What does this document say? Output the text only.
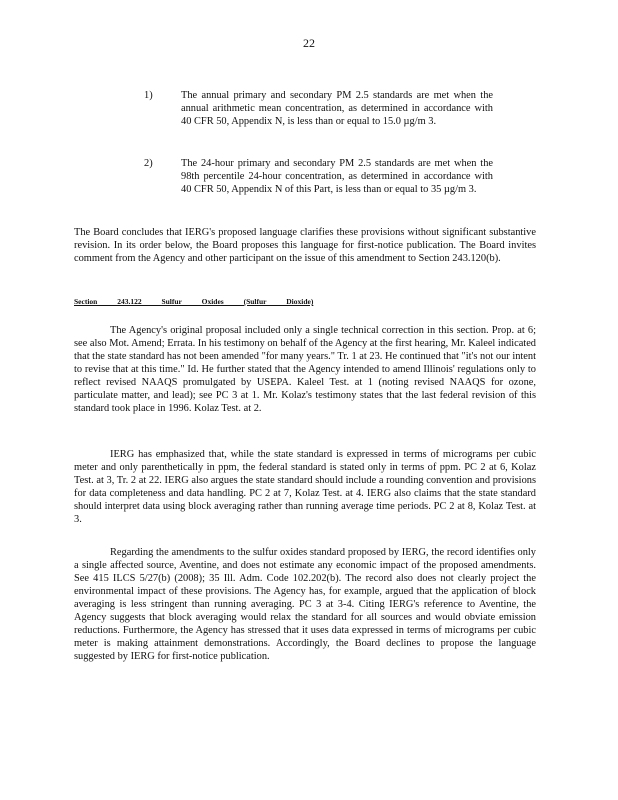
22
1)	The annual primary and secondary PM 2.5 standards are met when the annual arithmetic mean concentration, as determined in accordance with 40 CFR 50, Appendix N, is less than or equal to 15.0 µg/m 3.
2)	The 24-hour primary and secondary PM 2.5 standards are met when the 98th percentile 24-hour concentration, as determined in accordance with 40 CFR 50, Appendix N of this Part, is less than or equal to 35 µg/m 3.
The Board concludes that IERG's proposed language clarifies these provisions without significant substantive revision. In its order below, the Board proposes this language for first-notice publication. The Board invites comment from the Agency and other participant on the issue of this amendment to Section 243.120(b).
Section 243.122 Sulfur Oxides (Sulfur Dioxide)
The Agency's original proposal included only a single technical correction in this section. Prop. at 6; see also Mot. Amend; Errata. In his testimony on behalf of the Agency at the first hearing, Mr. Kaleel indicated that the state standard has not been amended "for many years." Tr. 1 at 23. He continued that "it's not our intent to revise that at this time." Id. He further stated that the Agency intended to amend Illinois' regulations only to reflect revised NAAQS promulgated by USEPA. Kaleel Test. at 1 (noting revised NAAQS for ozone, particulate matter, and lead); see PC 3 at 1. Mr. Kolaz's testimony states that the last federal revision of this standard took place in 1996. Kolaz Test. at 2.
IERG has emphasized that, while the state standard is expressed in terms of micrograms per cubic meter and only parenthetically in ppm, the federal standard is stated only in terms of ppm. PC 2 at 6, Kolaz Test. at 3, Tr. 2 at 22. IERG also argues the state standard should include a rounding convention and provisions for data completeness and data handling. PC 2 at 7, Kolaz Test. at 4. IERG also claims that the state standard should interpret data using block averaging rather than running average time periods. PC 2 at 8, Kolaz Test. at 3.
Regarding the amendments to the sulfur oxides standard proposed by IERG, the record identifies only a single affected source, Aventine, and does not estimate any economic impact of the proposed amendments. See 415 ILCS 5/27(b) (2008); 35 Ill. Adm. Code 102.202(b). The record also does not clearly project the environmental impact of these provisions. The Agency has, for example, argued that the application of block averaging is less stringent than running averaging. PC 3 at 3-4. Citing IERG's reference to Aventine, the Agency suggests that block averaging would relax the standard for all sources and would obviate emission reductions. Furthermore, the Agency has stressed that it uses data expressed in terms of micrograms per cubic meter is making attainment demonstrations. Accordingly, the Board declines to propose the language suggested by IERG for first-notice publication.
